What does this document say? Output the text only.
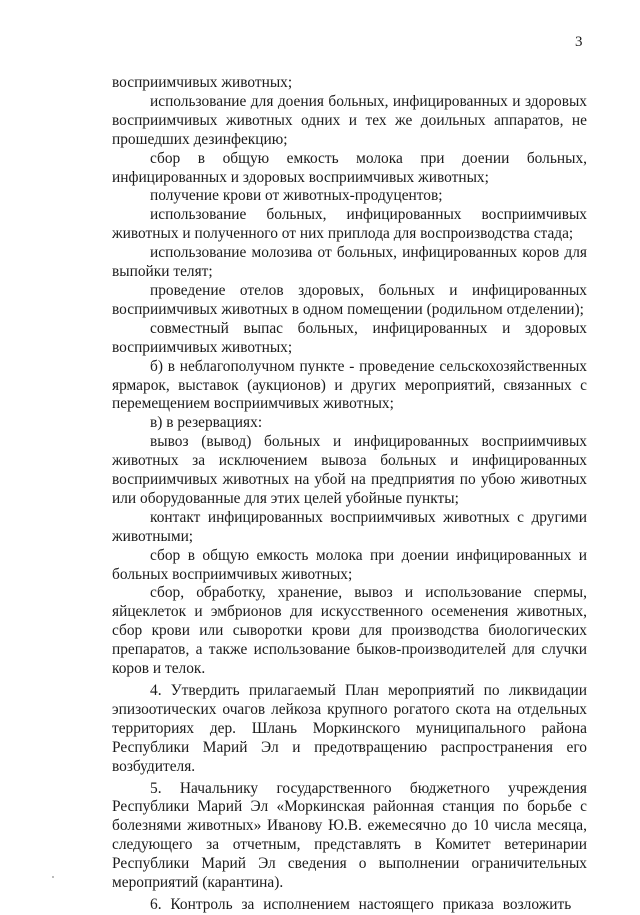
3

восприимчивых животных;

использование для доения больных, инфицированных и здоровых восприимчивых животных одних и тех же доильных аппаратов, не прошедших дезинфекцию;

сбор в общую емкость молока при доении больных, инфицированных и здоровых восприимчивых животных;

получение крови от животных-продуцентов;

использование больных, инфицированных восприимчивых животных и полученного от них приплода для воспроизводства стада;

использование молозива от больных, инфицированных коров для выпойки телят;

проведение отелов здоровых, больных и инфицированных восприимчивых животных в одном помещении (родильном отделении);

совместный выпас больных, инфицированных и здоровых восприимчивых животных;

б) в неблагополучном пункте - проведение сельскохозяйственных ярмарок, выставок (аукционов) и других мероприятий, связанных с перемещением восприимчивых животных;

в) в резервациях:

вывоз (вывод) больных и инфицированных восприимчивых животных за исключением вывоза больных и инфицированных восприимчивых животных на убой на предприятия по убою животных или оборудованные для этих целей убойные пункты;

контакт инфицированных восприимчивых животных с другими животными;

сбор в общую емкость молока при доении инфицированных и больных восприимчивых животных;

сбор, обработку, хранение, вывоз и использование спермы, яйцеклеток и эмбрионов для искусственного осеменения животных, сбор крови или сыворотки крови для производства биологических препаратов, а также использование быков-производителей для случки коров и телок.

4. Утвердить прилагаемый План мероприятий по ликвидации эпизоотических очагов лейкоза крупного рогатого скота на отдельных территориях дер. Шлань Моркинского муниципального района Республики Марий Эл и предотвращению распространения его возбудителя.

5. Начальнику государственного бюджетного учреждения Республики Марий Эл «Моркинская районная станция по борьбе с болезнями животных» Иванову Ю.В. ежемесячно до 10 числа месяца, следующего за отчетным, представлять в Комитет ветеринарии Республики Марий Эл сведения о выполнении ограничительных мероприятий (карантина).

6. Контроль за исполнением настоящего приказа возложить
